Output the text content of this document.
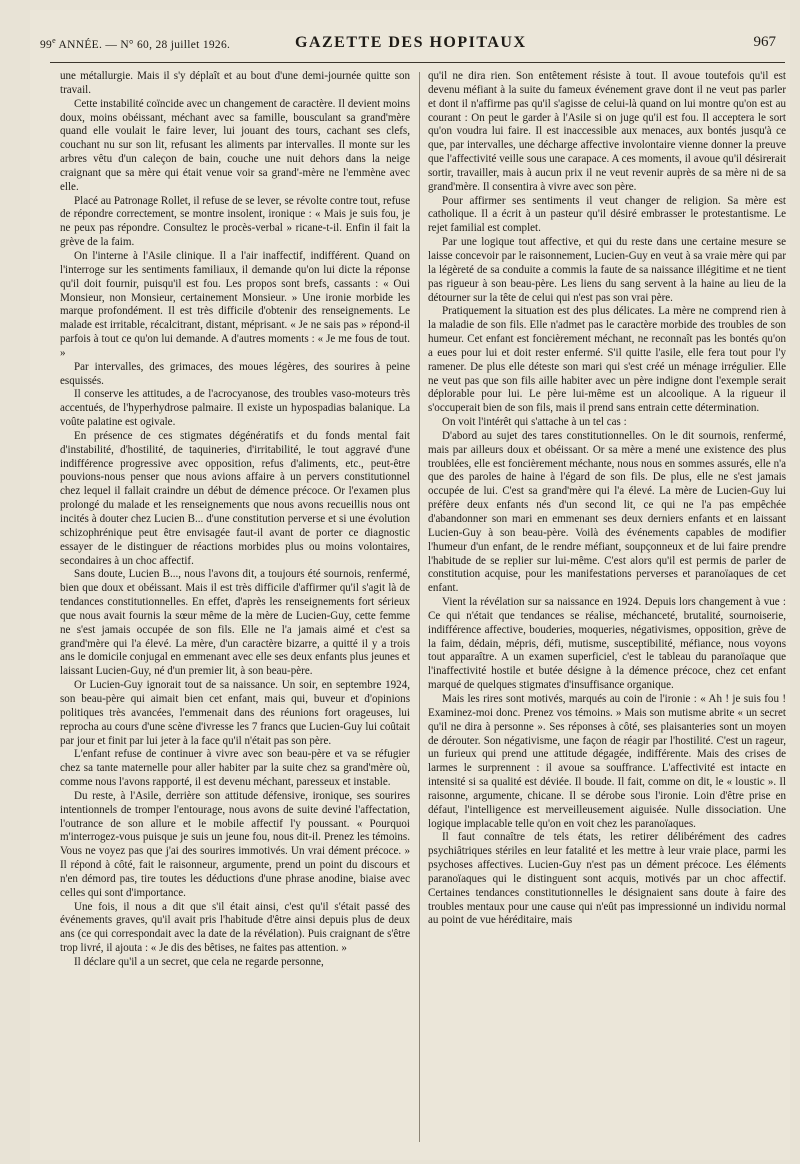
99e ANNÉE. — N° 60, 28 juillet 1926.	GAZETTE DES HOPITAUX	967

une métallurgie. Mais il s'y déplaît et au bout d'une demi-journée quitte son travail.

Cette instabilité coïncide avec un changement de caractère. Il devient moins doux, moins obéissant, méchant avec sa famille, bousculant sa grand'mère quand elle voulait le faire lever, lui jouant des tours, cachant ses clefs, couchant nu sur son lit, refusant les aliments par intervalles. Il monte sur les arbres vêtu d'un caleçon de bain, couche une nuit dehors dans la neige craignant que sa mère qui était venue voir sa grand'-mère ne l'emmène avec elle.

Placé au Patronage Rollet, il refuse de se lever, se révolte contre tout, refuse de répondre correctement, se montre insolent, ironique : « Mais je suis fou, je ne peux pas répondre. Consultez le procès-verbal » ricane-t-il. Enfin il fait la grève de la faim.

On l'interne à l'Asile clinique. Il a l'air inaffectif, indifférent. Quand on l'interroge sur les sentiments familiaux, il demande qu'on lui dicte la réponse qu'il doit fournir, puisqu'il est fou. Les propos sont brefs, cassants : « Oui Monsieur, non Monsieur, certainement Monsieur. » Une ironie morbide les marque profondément. Il est très difficile d'obtenir des renseignements. Le malade est irritable, récalcitrant, distant, méprisant. « Je ne sais pas » répond-il parfois à tout ce qu'on lui demande. A d'autres moments : « Je me fous de tout. »

Par intervalles, des grimaces, des moues légères, des sourires à peine esquissés.

Il conserve les attitudes, a de l'acrocyanose, des troubles vaso-moteurs très accentués, de l'hyperhydrose palmaire. Il existe un hypospadias balanique. La voûte palatine est ogivale.

En présence de ces stigmates dégénératifs et du fonds mental fait d'instabilité, d'hostilité, de taquineries, d'irritabilité, le tout aggravé d'une indifférence progressive avec opposition, refus d'aliments, etc., peut-être pouvions-nous penser que nous avions affaire à un pervers constitutionnel chez lequel il fallait craindre un début de démence précoce. Or l'examen plus prolongé du malade et les renseignements que nous avons recueillis nous ont incités à douter chez Lucien B... d'une constitution perverse et si une évolution schizophrénique peut être envisagée faut-il avant de porter ce diagnostic essayer de le distinguer de réactions morbides plus ou moins volontaires, secondaires à un choc affectif.

Sans doute, Lucien B..., nous l'avons dit, a toujours été sournois, renfermé, bien que doux et obéissant. Mais il est très difficile d'affirmer qu'il s'agit là de tendances constitutionnelles. En effet, d'après les renseignements fort sérieux que nous avait fournis la sœur même de la mère de Lucien-Guy, cette femme ne s'est jamais occupée de son fils. Elle ne l'a jamais aimé et c'est sa grand'mère qui l'a élevé. La mère, d'un caractère bizarre, a quitté il y a trois ans le domicile conjugal en emmenant avec elle ses deux enfants plus jeunes et laissant Lucien-Guy, né d'un premier lit, à son beau-père.

Or Lucien-Guy ignorait tout de sa naissance. Un soir, en septembre 1924, son beau-père qui aimait bien cet enfant, mais qui, buveur et d'opinions politiques très avancées, l'emmenait dans des réunions fort orageuses, lui reprocha au cours d'une scène d'ivresse les 7 francs que Lucien-Guy lui coûtait par jour et finit par lui jeter à la face qu'il n'était pas son père.

L'enfant refuse de continuer à vivre avec son beau-père et va se réfugier chez sa tante maternelle pour aller habiter par la suite chez sa grand'mère où, comme nous l'avons rapporté, il est devenu méchant, paresseux et instable.

Du reste, à l'Asile, derrière son attitude défensive, ironique, ses sourires intentionnels de tromper l'entourage, nous avons de suite deviné l'affectation, l'outrance de son allure et le mobile affectif l'y poussant. « Pourquoi m'interrogez-vous puisque je suis un jeune fou, nous dit-il. Prenez les témoins. Vous ne voyez pas que j'ai des sourires immotivés. Un vrai dément précoce. » Il répond à côté, fait le raisonneur, argumente, prend un point du discours et n'en démord pas, tire toutes les déductions d'une phrase anodine, biaise avec celles qui sont d'importance.

Une fois, il nous a dit que s'il était ainsi, c'est qu'il s'était passé des événements graves, qu'il avait pris l'habitude d'être ainsi depuis plus de deux ans (ce qui correspondait avec la date de la révélation). Puis craignant de s'être trop livré, il ajouta : « Je dis des bêtises, ne faites pas attention. »

Il déclare qu'il a un secret, que cela ne regarde personne,

qu'il ne dira rien. Son entêtement résiste à tout. Il avoue toutefois qu'il est devenu méfiant à la suite du fameux événement grave dont il ne veut pas parler et dont il n'affirme pas qu'il s'agisse de celui-là quand on lui montre qu'on est au courant : On peut le garder à l'Asile si on juge qu'il est fou. Il acceptera le sort qu'on voudra lui faire. Il est inaccessible aux menaces, aux bontés jusqu'à ce que, par intervalles, une décharge affective involontaire vienne donner la preuve que l'affectivité veille sous une carapace. A ces moments, il avoue qu'il désirerait sortir, travailler, mais à aucun prix il ne veut revenir auprès de sa mère ni de sa grand'mère. Il consentira à vivre avec son père.

Pour affirmer ses sentiments il veut changer de religion. Sa mère est catholique. Il a écrit à un pasteur qu'il désiré embrasser le protestantisme. Le rejet familial est complet.

Par une logique tout affective, et qui du reste dans une certaine mesure se laisse concevoir par le raisonnement, Lucien-Guy en veut à sa vraie mère qui par la légèreté de sa conduite a commis la faute de sa naissance illégitime et ne tient pas rigueur à son beau-père. Les liens du sang servent à la haine au lieu de la détourner sur la tête de celui qui n'est pas son vrai père.

Pratiquement la situation est des plus délicates. La mère ne comprend rien à la maladie de son fils. Elle n'admet pas le caractère morbide des troubles de son humeur. Cet enfant est foncièrement méchant, ne reconnaît pas les bontés qu'on a eues pour lui et doit rester enfermé. S'il quitte l'asile, elle fera tout pour l'y ramener. De plus elle déteste son mari qui s'est créé un ménage irrégulier. Elle ne veut pas que son fils aille habiter avec un père indigne dont l'exemple serait déplorable pour lui. Le père lui-même est un alcoolique. A la rigueur il s'occuperait bien de son fils, mais il prend sans entrain cette détermination.

On voit l'intérêt qui s'attache à un tel cas :

D'abord au sujet des tares constitutionnelles. On le dit sournois, renfermé, mais par ailleurs doux et obéissant. Or sa mère a mené une existence des plus troublées, elle est foncièrement méchante, nous nous en sommes assurés, elle n'a que des paroles de haine à l'égard de son fils. De plus, elle ne s'est jamais occupée de lui. C'est sa grand'mère qui l'a élevé. La mère de Lucien-Guy lui préfère deux enfants nés d'un second lit, ce qui ne l'a pas empêchée d'abandonner son mari en emmenant ses deux derniers enfants et en laissant Lucien-Guy à son beau-père. Voilà des événements capables de modifier l'humeur d'un enfant, de le rendre méfiant, soupçonneux et de lui faire prendre l'habitude de se replier sur lui-même. C'est alors qu'il est permis de parler de constitution acquise, pour les manifestations perverses et paranoïaques de cet enfant.

Vient la révélation sur sa naissance en 1924. Depuis lors changement à vue : Ce qui n'était que tendances se réalise, méchanceté, brutalité, sournoiserie, indifférence affective, bouderies, moqueries, négativismes, opposition, grève de la faim, dédain, mépris, défi, mutisme, susceptibilité, méfiance, nous voyons tout apparaître. A un examen superficiel, c'est le tableau du paranoïaque que l'inaffectivité hostile et butée désigne à la démence précoce, chez cet enfant marqué de quelques stigmates d'insuffisance organique.

Mais les rires sont motivés, marqués au coin de l'ironie : « Ah ! je suis fou ! Examinez-moi donc. Prenez vos témoins. » Mais son mutisme abrite « un secret qu'il ne dira à personne ». Ses réponses à côté, ses plaisanteries sont un moyen de dérouter. Son négativisme, une façon de réagir par l'hostilité. C'est un rageur, un furieux qui prend une attitude dégagée, indifférente. Mais des crises de larmes le surprennent : il avoue sa souffrance. L'affectivité est intacte en intensité si sa qualité est déviée. Il boude. Il fait, comme on dit, le « loustic ». Il raisonne, argumente, chicane. Il se dérobe sous l'ironie. Loin d'être prise en défaut, l'intelligence est merveilleusement aiguisée. Nulle dissociation. Une logique implacable telle qu'on en voit chez les paranoïaques.

Il faut connaître de tels états, les retirer délibérément des cadres psychiâtriques stériles en leur fatalité et les mettre à leur vraie place, parmi les psychoses affectives. Lucien-Guy n'est pas un dément précoce. Les éléments paranoïaques qui le distinguent sont acquis, motivés par un choc affectif. Certaines tendances constitutionnelles le désignaient sans doute à faire des troubles mentaux pour une cause qui n'eût pas impressionné un individu normal au point de vue héréditaire, mais
